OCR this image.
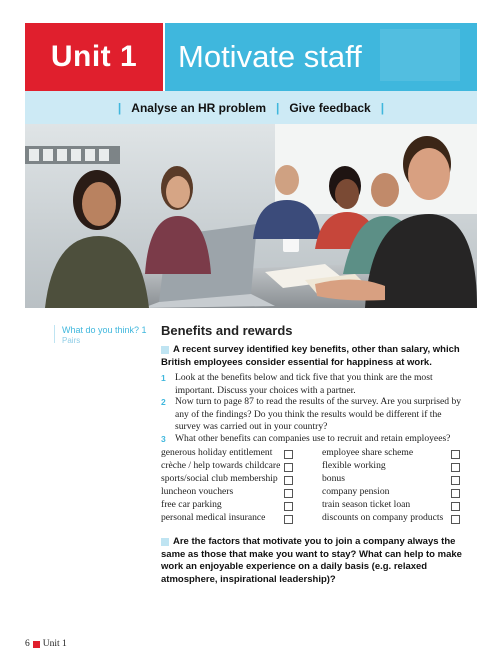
Unit 1	Motivate staff
| Analyse an HR problem | Give feedback |
What do you think? 1
Pairs
Benefits and rewards
A recent survey identified key benefits, other than salary, which British employees consider essential for happiness at work.
1 Look at the benefits below and tick five that you think are the most important. Discuss your choices with a partner.
2 Now turn to page 87 to read the results of the survey. Are you surprised by any of the findings? Do you think the results would be different if the survey was carried out in your country?
3 What other benefits can companies use to recruit and retain employees?
generous holiday entitlement
crèche / help towards childcare
sports/social club membership
luncheon vouchers
free car parking
personal medical insurance
employee share scheme
flexible working
bonus
company pension
train season ticket loan
discounts on company products
Are the factors that motivate you to join a company always the same as those that make you want to stay? What can help to make work an enjoyable experience on a daily basis (e.g. relaxed atmosphere, inspirational leadership)?
6 Unit 1
